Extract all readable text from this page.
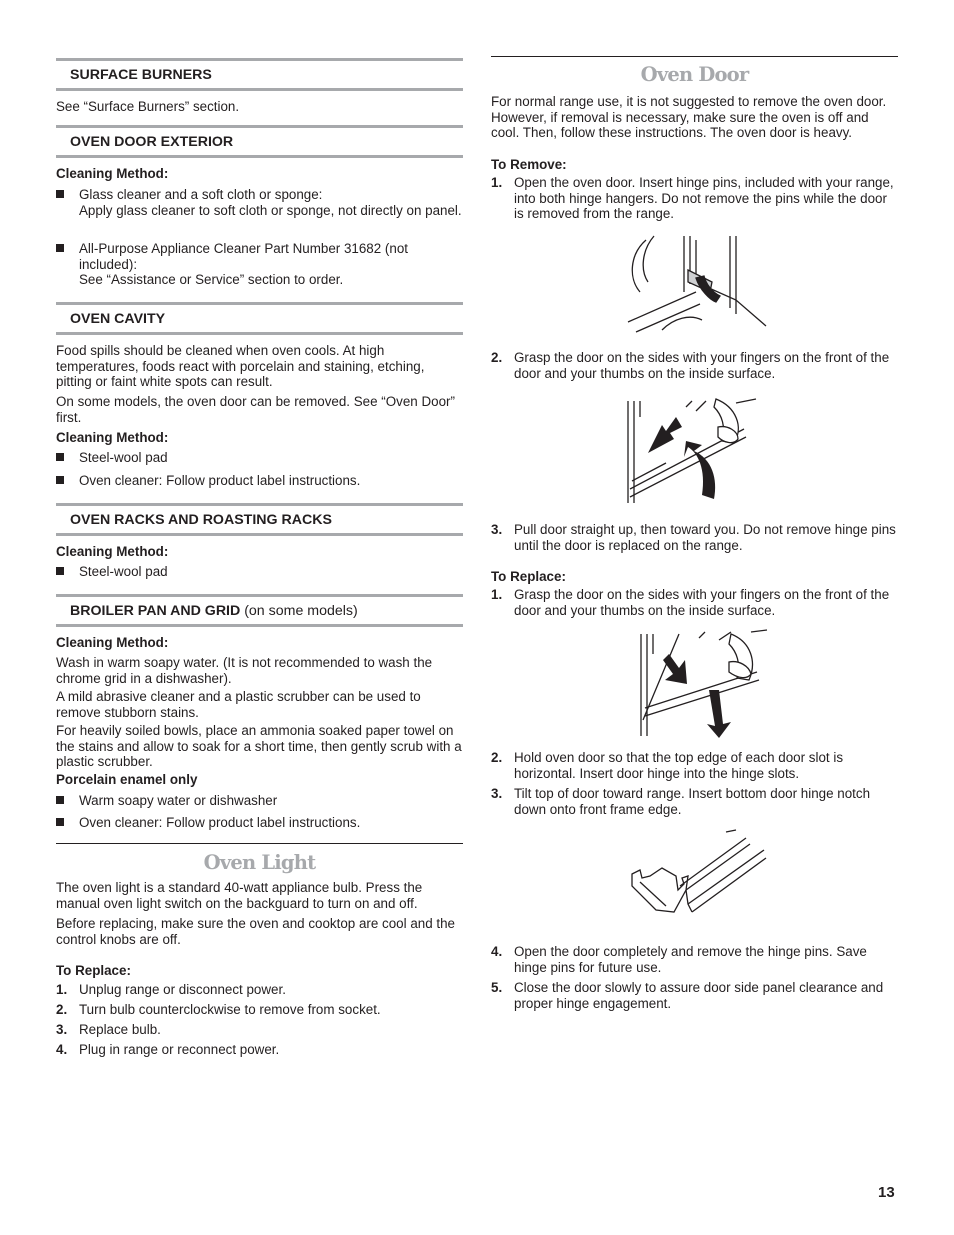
SURFACE BURNERS
See “Surface Burners” section.
OVEN DOOR EXTERIOR
Cleaning Method:
Glass cleaner and a soft cloth or sponge:
Apply glass cleaner to soft cloth or sponge, not directly on panel.
All-Purpose Appliance Cleaner Part Number 31682 (not included):
See “Assistance or Service” section to order.
OVEN CAVITY
Food spills should be cleaned when oven cools. At high temperatures, foods react with porcelain and staining, etching, pitting or faint white spots can result.
On some models, the oven door can be removed. See “Oven Door” first.
Cleaning Method:
Steel-wool pad
Oven cleaner: Follow product label instructions.
OVEN RACKS AND ROASTING RACKS
Cleaning Method:
Steel-wool pad
BROILER PAN AND GRID (on some models)
Cleaning Method:
Wash in warm soapy water. (It is not recommended to wash the chrome grid in a dishwasher).
A mild abrasive cleaner and a plastic scrubber can be used to remove stubborn stains.
For heavily soiled bowls, place an ammonia soaked paper towel on the stains and allow to soak for a short time, then gently scrub with a plastic scrubber.
Porcelain enamel only
Warm soapy water or dishwasher
Oven cleaner: Follow product label instructions.
Oven Light
The oven light is a standard 40-watt appliance bulb. Press the manual oven light switch on the backguard to turn on and off.
Before replacing, make sure the oven and cooktop are cool and the control knobs are off.
To Replace:
1. Unplug range or disconnect power.
2. Turn bulb counterclockwise to remove from socket.
3. Replace bulb.
4. Plug in range or reconnect power.
Oven Door
For normal range use, it is not suggested to remove the oven door. However, if removal is necessary, make sure the oven is off and cool. Then, follow these instructions. The oven door is heavy.
To Remove:
1. Open the oven door. Insert hinge pins, included with your range, into both hinge hangers. Do not remove the pins while the door is removed from the range.
2. Grasp the door on the sides with your fingers on the front of the door and your thumbs on the inside surface.
3. Pull door straight up, then toward you. Do not remove hinge pins until the door is replaced on the range.
To Replace:
1. Grasp the door on the sides with your fingers on the front of the door and your thumbs on the inside surface.
2. Hold oven door so that the top edge of each door slot is horizontal. Insert door hinge into the hinge slots.
3. Tilt top of door toward range. Insert bottom door hinge notch down onto front frame edge.
4. Open the door completely and remove the hinge pins. Save hinge pins for future use.
5. Close the door slowly to assure door side panel clearance and proper hinge engagement.
13
